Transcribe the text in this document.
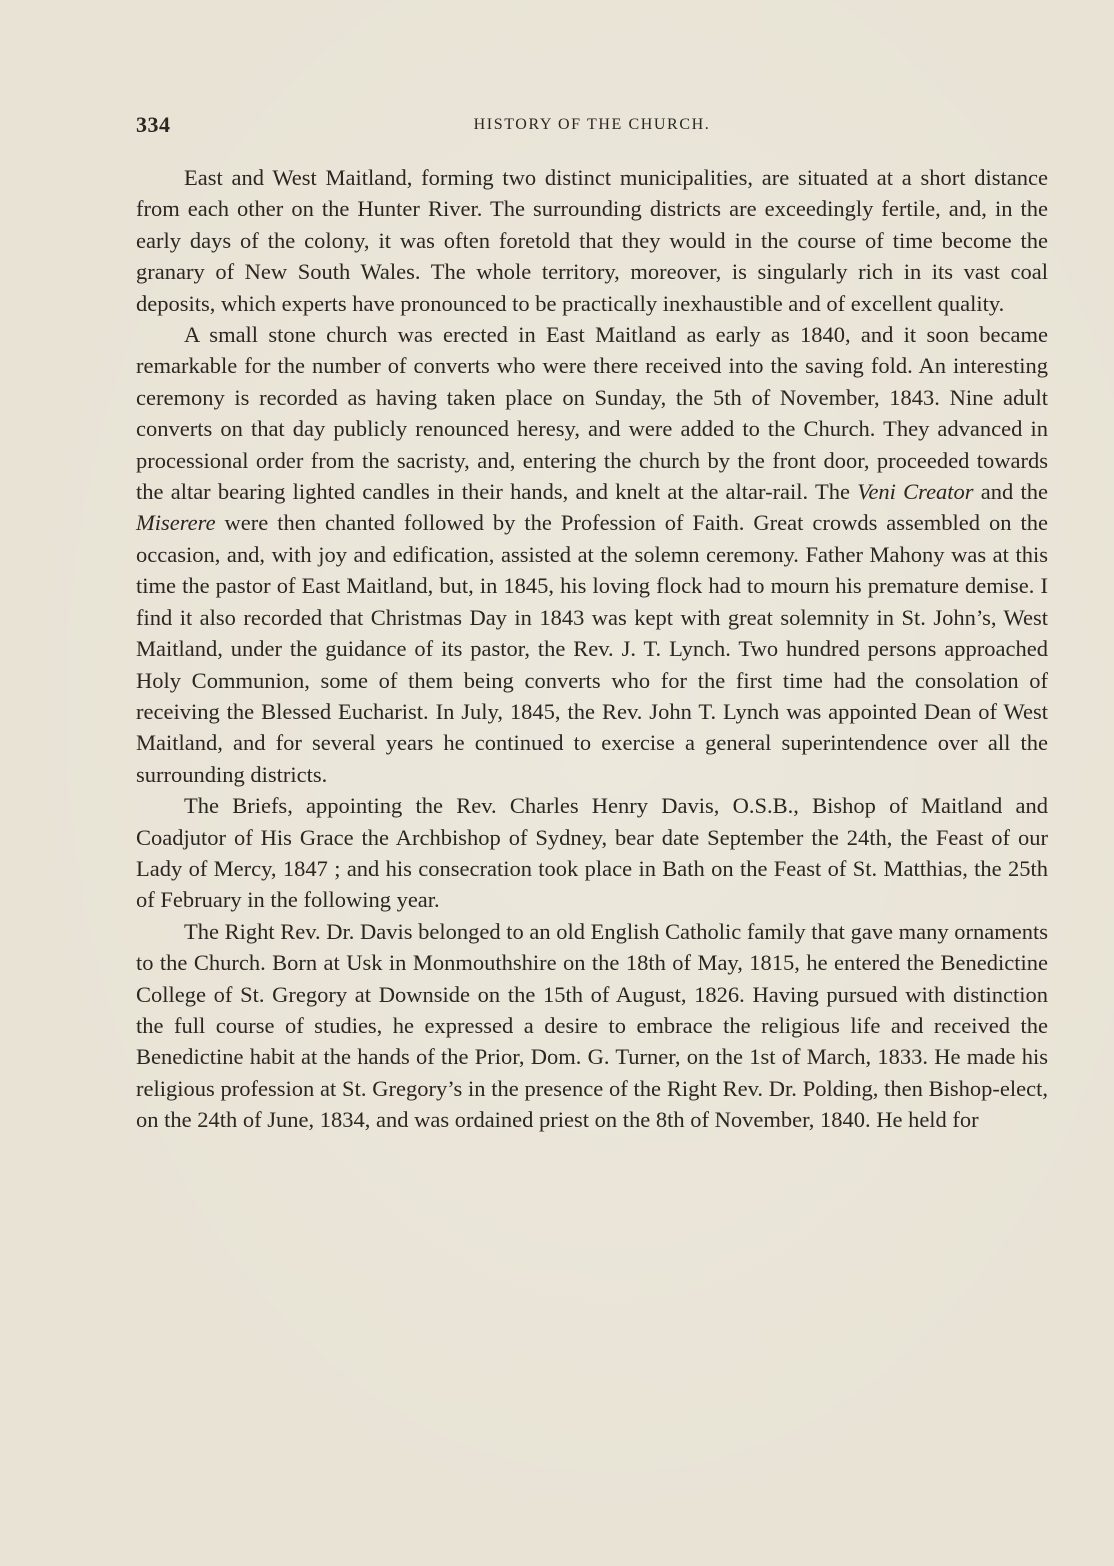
334	HISTORY OF THE CHURCH.

East and West Maitland, forming two distinct municipalities, are situated at a short distance from each other on the Hunter River. The surrounding districts are exceedingly fertile, and, in the early days of the colony, it was often foretold that they would in the course of time become the granary of New South Wales. The whole territory, moreover, is singularly rich in its vast coal deposits, which experts have pronounced to be practically inexhaustible and of excellent quality.

A small stone church was erected in East Maitland as early as 1840, and it soon became remarkable for the number of converts who were there received into the saving fold. An interesting ceremony is recorded as having taken place on Sunday, the 5th of November, 1843. Nine adult converts on that day publicly renounced heresy, and were added to the Church. They advanced in processional order from the sacristy, and, entering the church by the front door, proceeded towards the altar bearing lighted candles in their hands, and knelt at the altar-rail. The Veni Creator and the Miserere were then chanted followed by the Profession of Faith. Great crowds assembled on the occasion, and, with joy and edification, assisted at the solemn ceremony. Father Mahony was at this time the pastor of East Maitland, but, in 1845, his loving flock had to mourn his premature demise. I find it also recorded that Christmas Day in 1843 was kept with great solemnity in St. John’s, West Maitland, under the guidance of its pastor, the Rev. J. T. Lynch. Two hundred persons approached Holy Communion, some of them being converts who for the first time had the consolation of receiving the Blessed Eucharist. In July, 1845, the Rev. John T. Lynch was appointed Dean of West Maitland, and for several years he continued to exercise a general superintendence over all the surrounding districts.

The Briefs, appointing the Rev. Charles Henry Davis, O.S.B., Bishop of Maitland and Coadjutor of His Grace the Archbishop of Sydney, bear date September the 24th, the Feast of our Lady of Mercy, 1847 ; and his consecration took place in Bath on the Feast of St. Matthias, the 25th of February in the following year.

The Right Rev. Dr. Davis belonged to an old English Catholic family that gave many ornaments to the Church. Born at Usk in Monmouthshire on the 18th of May, 1815, he entered the Benedictine College of St. Gregory at Downside on the 15th of August, 1826. Having pursued with distinction the full course of studies, he expressed a desire to embrace the religious life and received the Benedictine habit at the hands of the Prior, Dom. G. Turner, on the 1st of March, 1833. He made his religious profession at St. Gregory’s in the presence of the Right Rev. Dr. Polding, then Bishop-elect, on the 24th of June, 1834, and was ordained priest on the 8th of November, 1840. He held for
